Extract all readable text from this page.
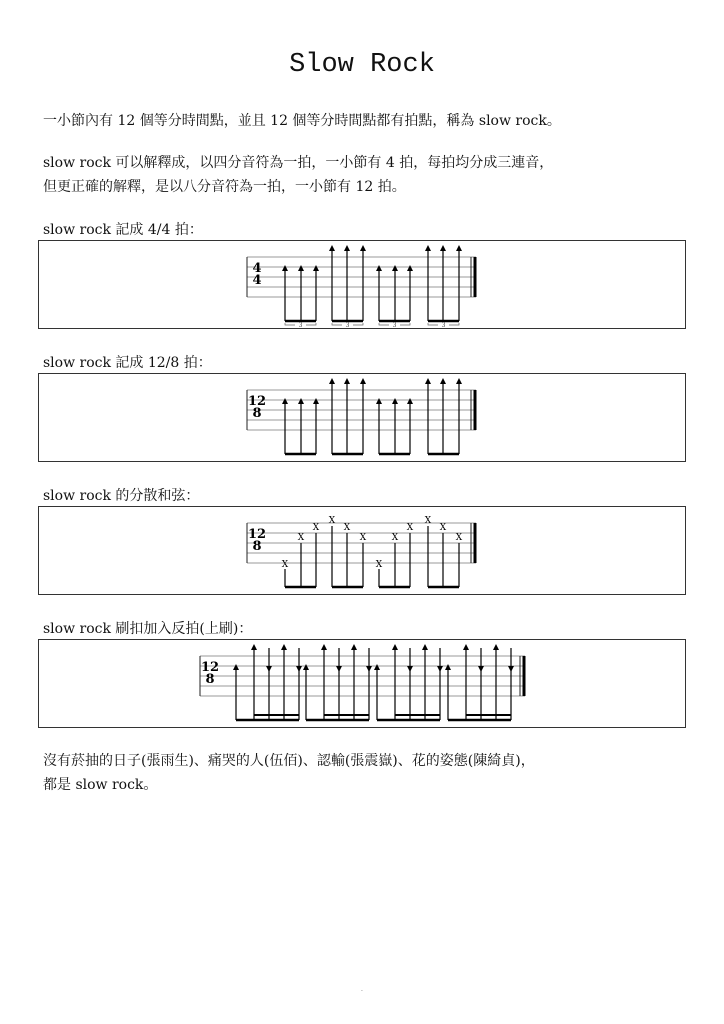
Slow Rock
一小節內有 12 個等分時間點，並且 12 個等分時間點都有拍點，稱為 slow rock。
slow rock 可以解釋成，以四分音符為一拍，一小節有 4 拍，每拍均分成三連音，
但更正確的解釋，是以八分音符為一拍，一小節有 12 拍。
slow rock 記成 4/4 拍：
4
4
3	3	3	3
slow rock 記成 12/8 拍：
12
8
slow rock 的分散和弦：
12
8
X
X
X
X
X
X
X
X
X
X
X
X
slow rock 刷扣加入反拍(上刷)：
12
8
沒有菸抽的日子(張雨生)、痛哭的人(伍佰)、認輸(張震嶽)、花的姿態(陳綺貞)，
都是 slow rock。
.
